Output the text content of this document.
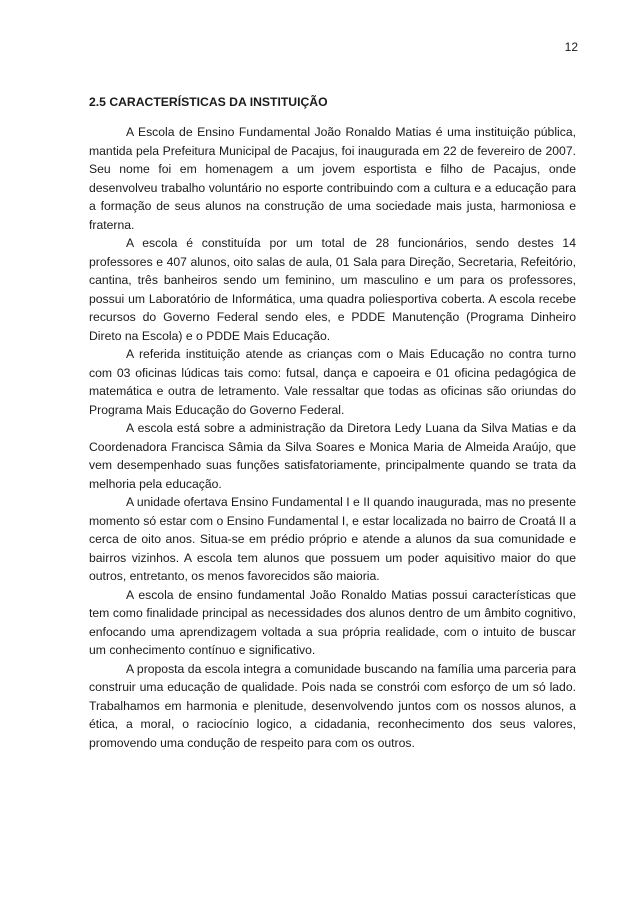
12
2.5 CARACTERÍSTICAS DA INSTITUIÇÃO

A Escola de Ensino Fundamental João Ronaldo Matias é uma instituição pública, mantida pela Prefeitura Municipal de Pacajus, foi inaugurada em 22 de fevereiro de 2007. Seu nome foi em homenagem a um jovem esportista e filho de Pacajus, onde desenvolveu trabalho voluntário no esporte contribuindo com a cultura e a educação para a formação de seus alunos na construção de uma sociedade mais justa, harmoniosa e fraterna.

A escola é constituída por um total de 28 funcionários, sendo destes 14 professores e 407 alunos, oito salas de aula, 01 Sala para Direção, Secretaria, Refeitório, cantina, três banheiros sendo um feminino, um masculino e um para os professores, possui um Laboratório de Informática, uma quadra poliesportiva coberta. A escola recebe recursos do Governo Federal sendo eles, e PDDE Manutenção (Programa Dinheiro Direto na Escola) e o PDDE Mais Educação.

A referida instituição atende as crianças com o Mais Educação no contra turno com 03 oficinas lúdicas tais como: futsal, dança e capoeira e 01 oficina pedagógica de matemática e outra de letramento. Vale ressaltar que todas as oficinas são oriundas do Programa Mais Educação do Governo Federal.

A escola está sobre a administração da Diretora Ledy Luana da Silva Matias e da Coordenadora Francisca Sâmia da Silva Soares e Monica Maria de Almeida Araújo, que vem desempenhado suas funções satisfatoriamente, principalmente quando se trata da melhoria pela educação.

A unidade ofertava Ensino Fundamental I e II quando inaugurada, mas no presente momento só estar com o Ensino Fundamental I, e estar localizada no bairro de Croatá II a cerca de oito anos. Situa-se em prédio próprio e atende a alunos da sua comunidade e bairros vizinhos. A escola tem alunos que possuem um poder aquisitivo maior do que outros, entretanto, os menos favorecidos são maioria.

A escola de ensino fundamental João Ronaldo Matias possui características que tem como finalidade principal as necessidades dos alunos dentro de um âmbito cognitivo, enfocando uma aprendizagem voltada a sua própria realidade, com o intuito de buscar um conhecimento contínuo e significativo.

A proposta da escola integra a comunidade buscando na família uma parceria para construir uma educação de qualidade. Pois nada se constrói com esforço de um só lado. Trabalhamos em harmonia e plenitude, desenvolvendo juntos com os nossos alunos, a ética, a moral, o raciocínio logico, a cidadania, reconhecimento dos seus valores, promovendo uma condução de respeito para com os outros.
